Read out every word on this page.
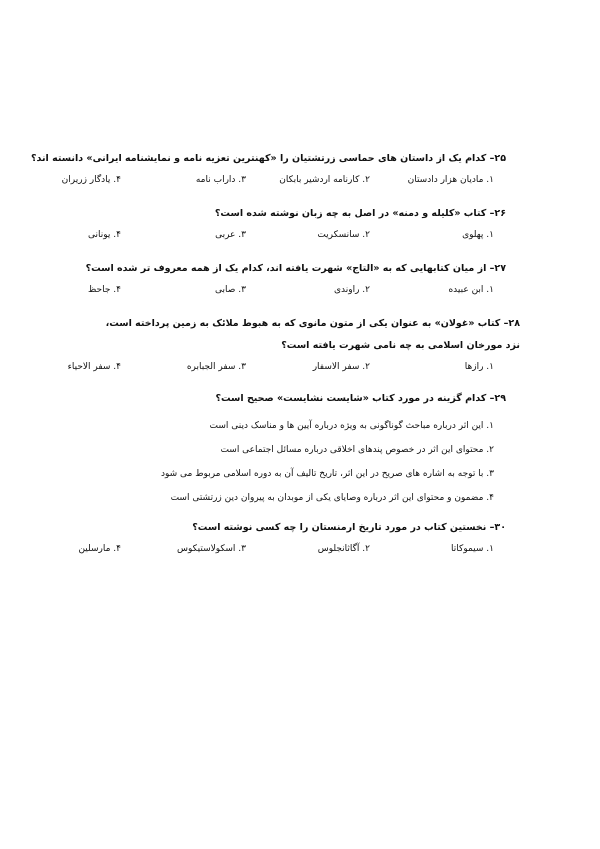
۲۵– کدام یک از داستان های حماسی زرتشتیان را «کهنترین تعزیه نامه و نمایشنامه ایرانی» دانسته اند؟
۱. مادیان هزار دادستان
۲. کارنامه اردشیر بابکان
۳. داراب نامه
۴. یادگار زریران
۲۶– کتاب «کلیله و دمنه» در اصل به چه زبان نوشته شده است؟
۱. پهلوی
۲. سانسکریت
۳. عربی
۴. یونانی
۲۷– از میان کتابهایی که به «التاج» شهرت یافته اند، کدام یک از همه معروف تر شده است؟
۱. ابن عبیده
۲. راوندی
۳. صابی
۴. جاحظ
۲۸– کتاب «غولان» به عنوان یکی از متون مانوی که به هبوط ملائک به زمین پرداخته است، نزد مورخان اسلامی به چه نامی شهرت یافته است؟
۱. رازها
۲. سفر الاسفار
۳. سفر الجبابره
۴. سفر الاحیاء
۲۹– کدام گزینه در مورد کتاب «شایست نشایست» صحیح است؟
۱. این اثر درباره مباحث گوناگونی به ویژه درباره آیین ها و مناسک دینی است
۲. محتوای این اثر در خصوص پندهای اخلاقی درباره مسائل اجتماعی است
۳. با توجه به اشاره های صریح در این اثر، تاریخ تالیف آن به دوره اسلامی مربوط می شود
۴. مضمون و محتوای این اثر درباره وصایای یکی از موبدان به پیروان دین زرتشتی است
۳۰– نخستین کتاب در مورد تاریخ ارمنستان را چه کسی نوشته است؟
۱. سیموکاتا
۲. آگاثانجلوس
۳. اسکولاستیکوس
۴. مارسلین
